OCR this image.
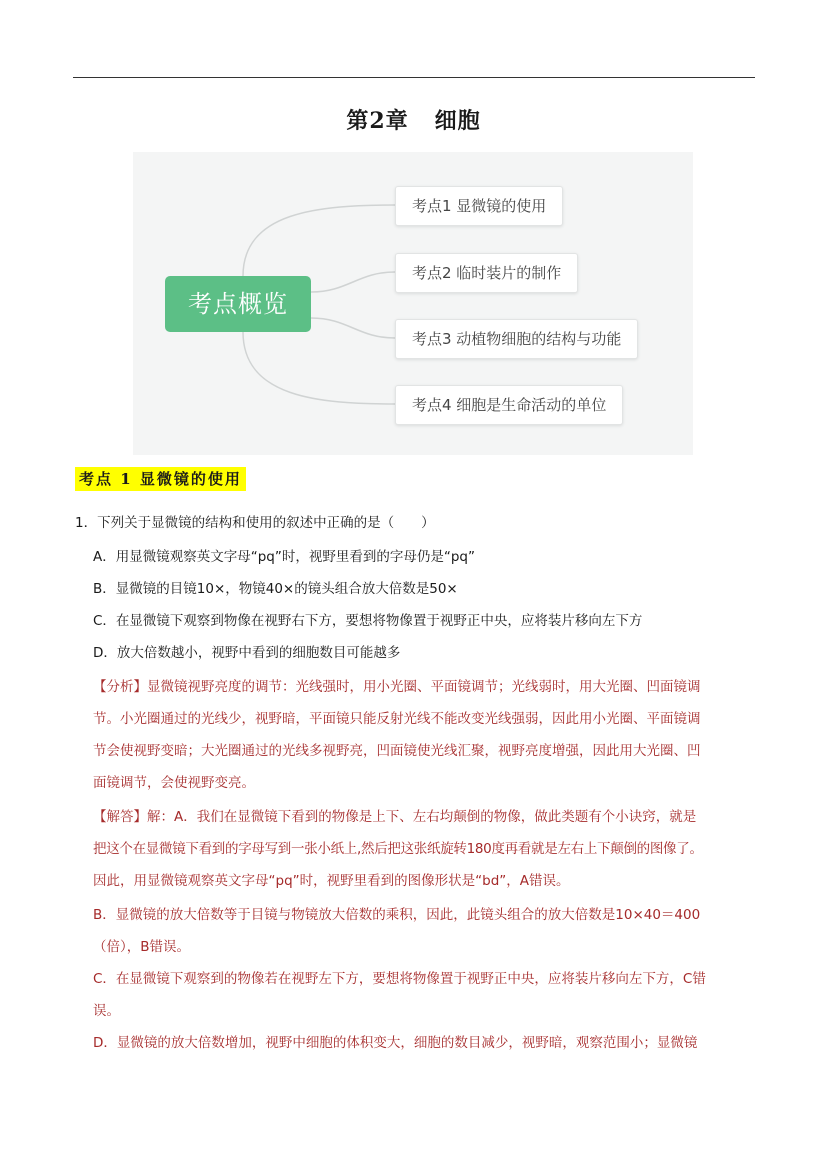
第2章 细胞
考点概览
考点1 显微镜的使用
考点2 临时装片的制作
考点3 动植物细胞的结构与功能
考点4 细胞是生命活动的单位
考点 1 显微镜的使用
1．下列关于显微镜的结构和使用的叙述中正确的是（　　）
A．用显微镜观察英文字母“pq”时，视野里看到的字母仍是“pq”
B．显微镜的目镜10×，物镜40×的镜头组合放大倍数是50×
C．在显微镜下观察到物像在视野右下方，要想将物像置于视野正中央，应将装片移向左下方
D．放大倍数越小，视野中看到的细胞数目可能越多
【分析】显微镜视野亮度的调节：光线强时，用小光圈、平面镜调节；光线弱时，用大光圈、凹面镜调
节。小光圈通过的光线少，视野暗，平面镜只能反射光线不能改变光线强弱，因此用小光圈、平面镜调
节会使视野变暗；大光圈通过的光线多视野亮，凹面镜使光线汇聚，视野亮度增强，因此用大光圈、凹
面镜调节，会使视野变亮。
【解答】解：A．我们在显微镜下看到的物像是上下、左右均颠倒的物像，做此类题有个小诀窍，就是
把这个在显微镜下看到的字母写到一张小纸上,然后把这张纸旋转180度再看就是左右上下颠倒的图像了。
因此，用显微镜观察英文字母“pq”时，视野里看到的图像形状是“bd”，A错误。
B．显微镜的放大倍数等于目镜与物镜放大倍数的乘积，因此，此镜头组合的放大倍数是10×40＝400
（倍），B错误。
C．在显微镜下观察到的物像若在视野左下方，要想将物像置于视野正中央，应将装片移向左下方，C错
误。
D．显微镜的放大倍数增加，视野中细胞的体积变大，细胞的数目减少，视野暗，观察范围小；显微镜
